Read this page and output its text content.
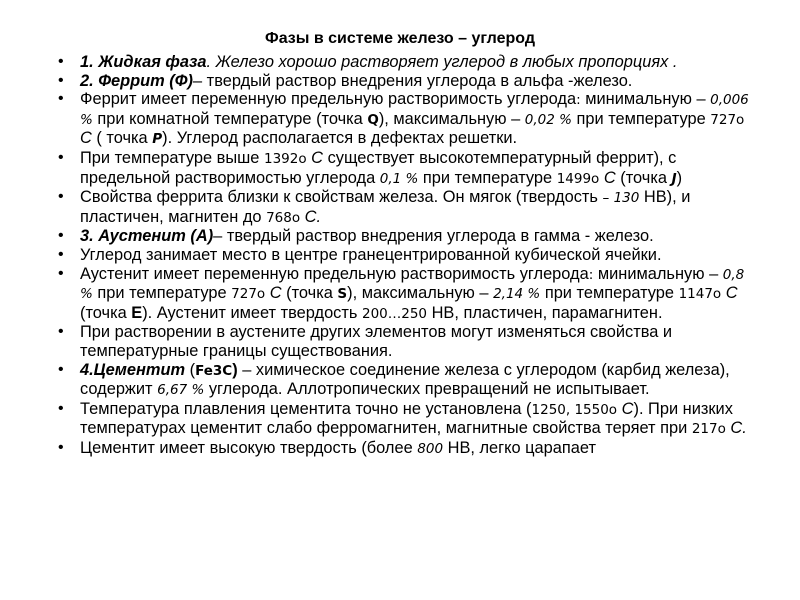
Фазы в системе железо – углерод
• 1. Жидкая фаза. Железо хорошо растворяет углерод в любых пропорциях .
• 2. Феррит (Ф)– твердый раствор внедрения углерода в альфа -железо.
• Феррит имеет переменную предельную растворимость углерода: минимальную – 0,006 % при комнатной температуре (точка Q), максимальную – 0,02 % при температуре 727о С ( точка P). Углерод располагается в дефектах решетки.
• При температуре выше 1392о С существует высокотемпературный феррит), с предельной растворимостью углерода 0,1 % при температуре 1499о С (точка J)
• Свойства феррита близки к свойствам железа. Он мягок (твердость – 130 НВ), и пластичен, магнитен до 768о С.
• 3. Аустенит (А)– твердый раствор внедрения углерода в гамма - железо.
• Углерод занимает место в центре гранецентрированной кубической ячейки.
• Аустенит имеет переменную предельную растворимость углерода: минимальную – 0,8 % при температуре 727о С (точка S), максимальную – 2,14 % при температуре 1147о С (точка Е). Аустенит имеет твердость 200…250 НВ, пластичен, парамагнитен.
• При растворении в аустените других элементов могут изменяться свойства и температурные границы существования.
• 4.Цементит (Fe3C) – химическое соединение железа с углеродом (карбид железа), содержит 6,67 % углерода. Аллотропических превращений не испытывает.
• Температура плавления цементита точно не установлена (1250, 1550о С). При низких температурах цементит слабо ферромагнитен, магнитные свойства теряет при 217о С.
• Цементит имеет высокую твердость (более 800 НВ, легко царапает
